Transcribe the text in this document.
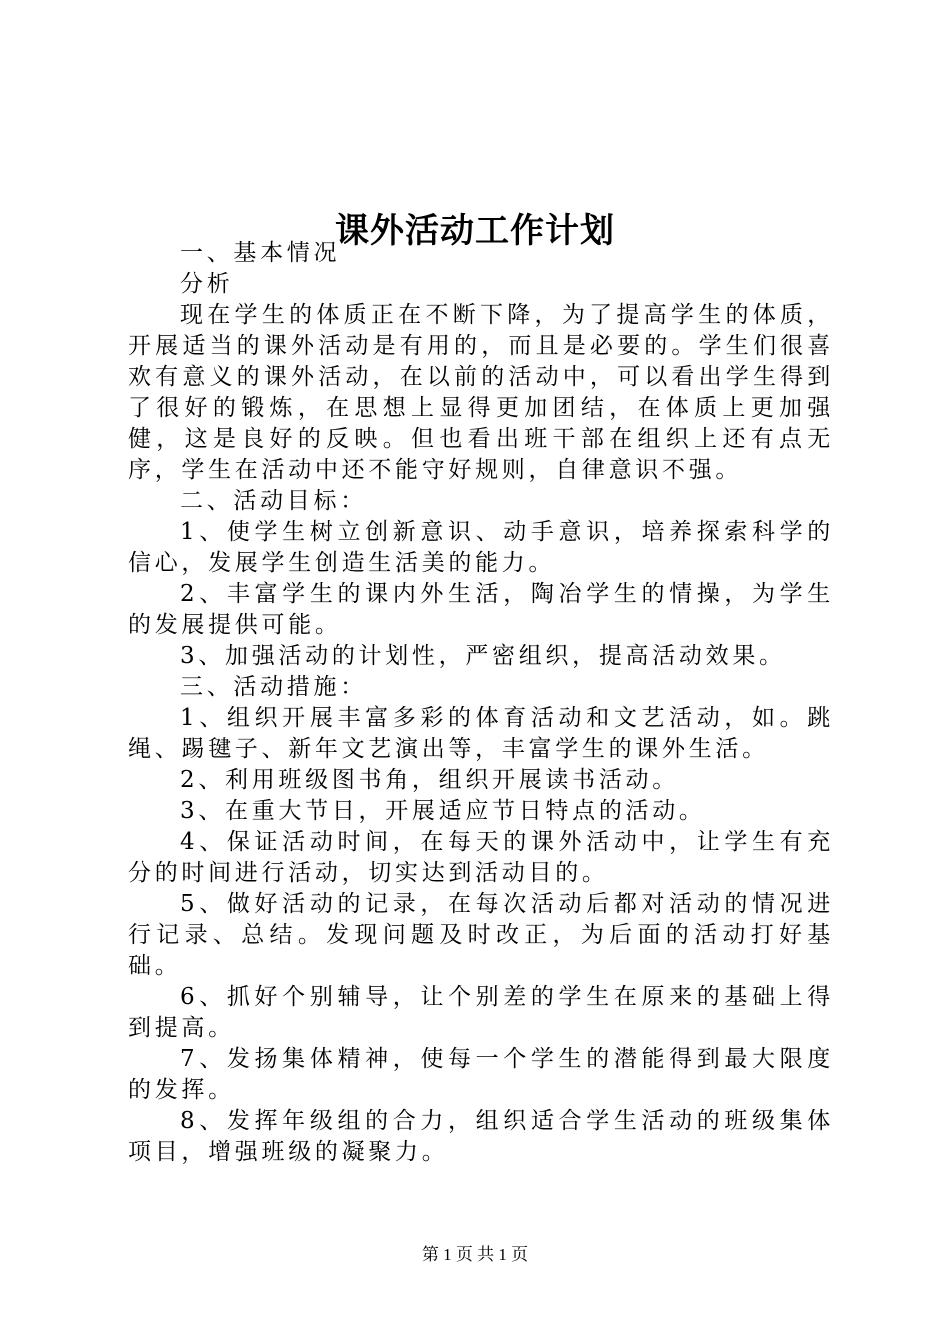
课外活动工作计划

一、基本情况

分析

现在学生的体质正在不断下降，为了提高学生的体质，开展适当的课外活动是有用的，而且是必要的。学生们很喜欢有意义的课外活动，在以前的活动中，可以看出学生得到了很好的锻炼，在思想上显得更加团结，在体质上更加强健，这是良好的反映。但也看出班干部在组织上还有点无序，学生在活动中还不能守好规则，自律意识不强。

二、活动目标：

1、使学生树立创新意识、动手意识，培养探索科学的信心，发展学生创造生活美的能力。

2、丰富学生的课内外生活，陶冶学生的情操，为学生的发展提供可能。

3、加强活动的计划性，严密组织，提高活动效果。

三、活动措施：

1、组织开展丰富多彩的体育活动和文艺活动，如。跳绳、踢毽子、新年文艺演出等，丰富学生的课外生活。

2、利用班级图书角，组织开展读书活动。

3、在重大节日，开展适应节日特点的活动。

4、保证活动时间，在每天的课外活动中，让学生有充分的时间进行活动，切实达到活动目的。

5、做好活动的记录，在每次活动后都对活动的情况进行记录、总结。发现问题及时改正，为后面的活动打好基础。

6、抓好个别辅导，让个别差的学生在原来的基础上得到提高。

7、发扬集体精神，使每一个学生的潜能得到最大限度的发挥。

8、发挥年级组的合力，组织适合学生活动的班级集体项目，增强班级的凝聚力。

第 1 页 共 1 页
